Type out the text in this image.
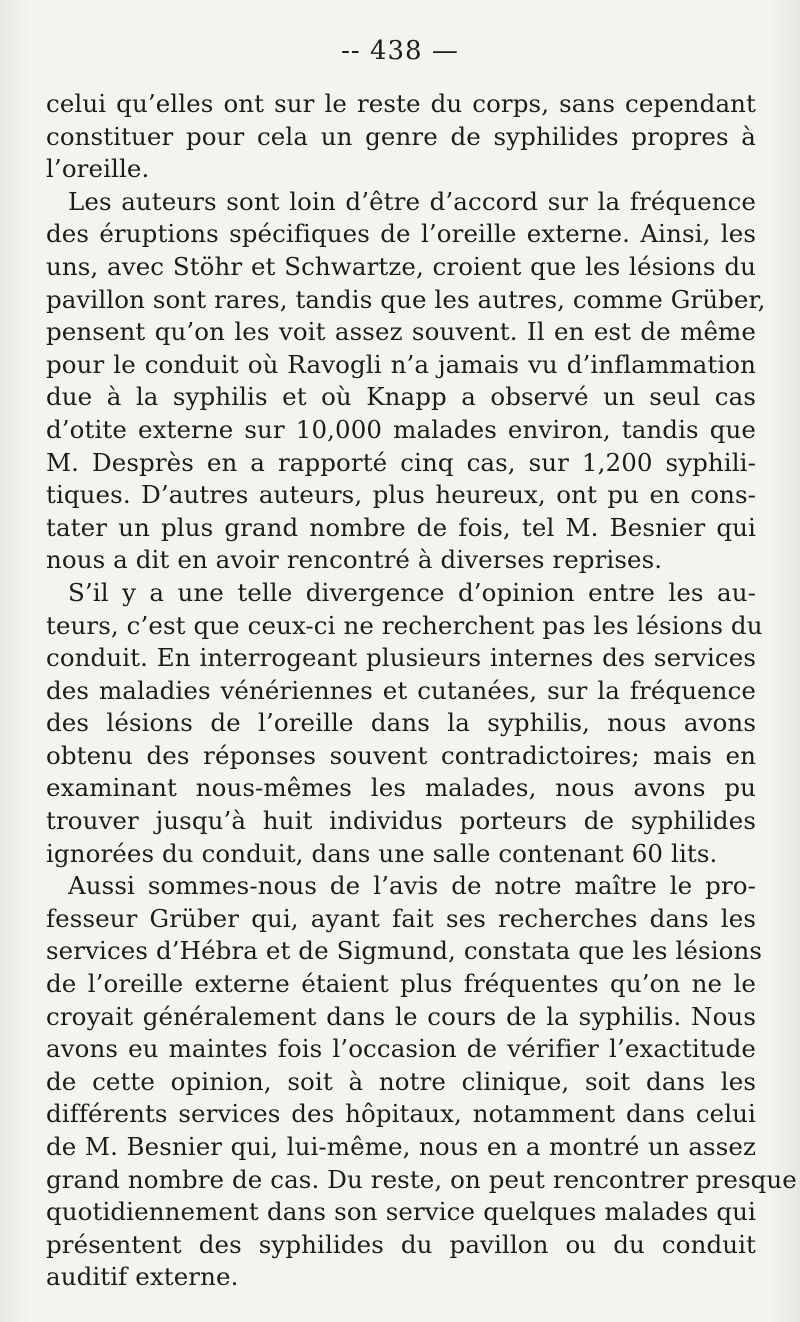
-- 438 —
celui qu’elles ont sur le reste du corps, sans cependant
constituer pour cela un genre de syphilides propres à
l’oreille.
Les auteurs sont loin d’être d’accord sur la fréquence
des éruptions spécifiques de l’oreille externe. Ainsi, les
uns, avec Stöhr et Schwartze, croient que les lésions du
pavillon sont rares, tandis que les autres, comme Grüber,
pensent qu’on les voit assez souvent. Il en est de même
pour le conduit où Ravogli n’a jamais vu d’inflammation
due à la syphilis et où Knapp a observé un seul cas
d’otite externe sur 10,000 malades environ, tandis que
M. Desprès en a rapporté cinq cas, sur 1,200 syphili-
tiques. D’autres auteurs, plus heureux, ont pu en cons-
tater un plus grand nombre de fois, tel M. Besnier qui
nous a dit en avoir rencontré à diverses reprises.
S’il y a une telle divergence d’opinion entre les au-
teurs, c’est que ceux-ci ne recherchent pas les lésions du
conduit. En interrogeant plusieurs internes des services
des maladies vénériennes et cutanées, sur la fréquence
des lésions de l’oreille dans la syphilis, nous avons
obtenu des réponses souvent contradictoires; mais en
examinant nous-mêmes les malades, nous avons pu
trouver jusqu’à huit individus porteurs de syphilides
ignorées du conduit, dans une salle contenant 60 lits.
Aussi sommes-nous de l’avis de notre maître le pro-
fesseur Grüber qui, ayant fait ses recherches dans les
services d’Hébra et de Sigmund, constata que les lésions
de l’oreille externe étaient plus fréquentes qu’on ne le
croyait généralement dans le cours de la syphilis. Nous
avons eu maintes fois l’occasion de vérifier l’exactitude
de cette opinion, soit à notre clinique, soit dans les
différents services des hôpitaux, notamment dans celui
de M. Besnier qui, lui-même, nous en a montré un assez
grand nombre de cas. Du reste, on peut rencontrer presque
quotidiennement dans son service quelques malades qui
présentent des syphilides du pavillon ou du conduit
auditif externe.
